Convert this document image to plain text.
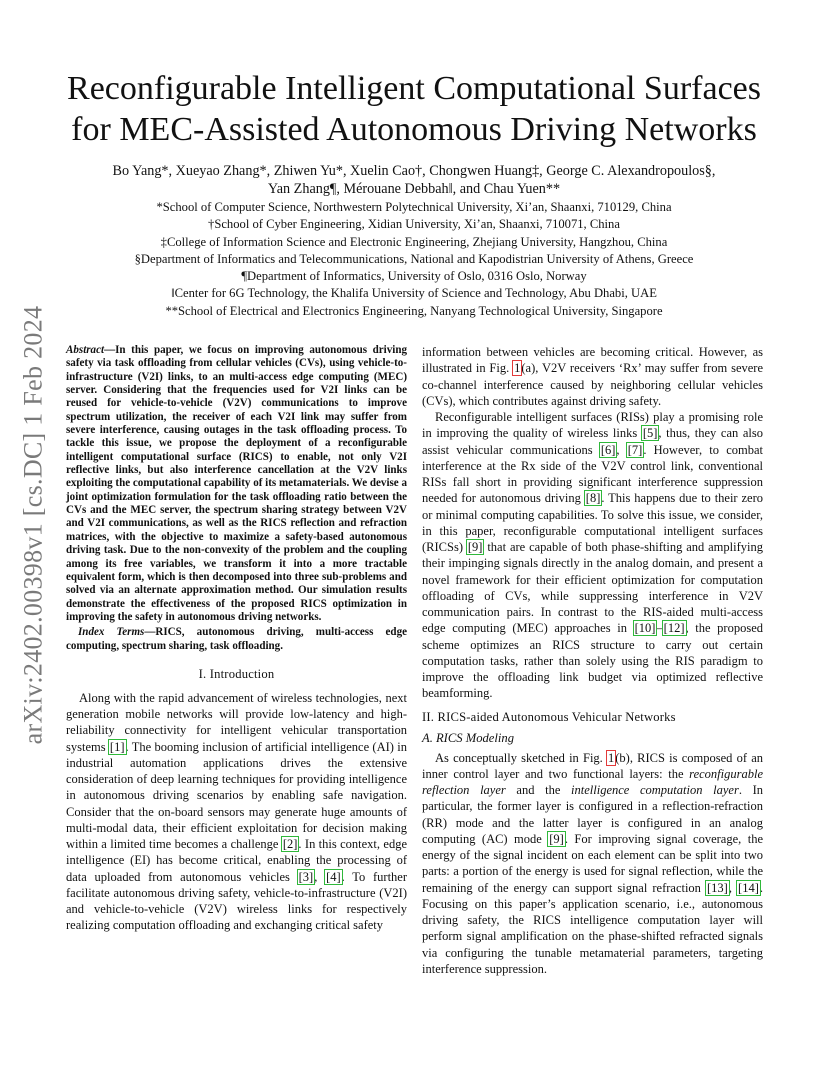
arXiv:2402.00398v1 [cs.DC] 1 Feb 2024
Reconfigurable Intelligent Computational Surfaces
for MEC-Assisted Autonomous Driving Networks
Bo Yang*, Xueyao Zhang*, Zhiwen Yu*, Xuelin Cao†, Chongwen Huang‡, George C. Alexandropoulos§,
Yan Zhang¶, Mérouane Debbah‖, and Chau Yuen**
*School of Computer Science, Northwestern Polytechnical University, Xi’an, Shaanxi, 710129, China
†School of Cyber Engineering, Xidian University, Xi’an, Shaanxi, 710071, China
‡College of Information Science and Electronic Engineering, Zhejiang University, Hangzhou, China
§Department of Informatics and Telecommunications, National and Kapodistrian University of Athens, Greece
¶Department of Informatics, University of Oslo, 0316 Oslo, Norway
‖Center for 6G Technology, the Khalifa University of Science and Technology, Abu Dhabi, UAE
**School of Electrical and Electronics Engineering, Nanyang Technological University, Singapore

Abstract—In this paper, we focus on improving autonomous driving safety via task offloading from cellular vehicles (CVs), using vehicle-to-infrastructure (V2I) links, to an multi-access edge computing (MEC) server. Considering that the frequencies used for V2I links can be reused for vehicle-to-vehicle (V2V) communications to improve spectrum utilization, the receiver of each V2I link may suffer from severe interference, causing outages in the task offloading process. To tackle this issue, we propose the deployment of a reconfigurable intelligent computational surface (RICS) to enable, not only V2I reflective links, but also interference cancellation at the V2V links exploiting the computational capability of its metamaterials. We devise a joint optimization formulation for the task offloading ratio between the CVs and the MEC server, the spectrum sharing strategy between V2V and V2I communications, as well as the RICS reflection and refraction matrices, with the objective to maximize a safety-based autonomous driving task. Due to the non-convexity of the problem and the coupling among its free variables, we transform it into a more tractable equivalent form, which is then decomposed into three sub-problems and solved via an alternate approximation method. Our simulation results demonstrate the effectiveness of the proposed RICS optimization in improving the safety in autonomous driving networks.

Index Terms—RICS, autonomous driving, multi-access edge computing, spectrum sharing, task offloading.

I. Introduction

Along with the rapid advancement of wireless technologies, next generation mobile networks will provide low-latency and high-reliability connectivity for intelligent vehicular transportation systems [1]. The booming inclusion of artificial intelligence (AI) in industrial automation applications drives the extensive consideration of deep learning techniques for providing intelligence in autonomous driving scenarios by enabling safe navigation. Consider that the on-board sensors may generate huge amounts of multi-modal data, their efficient exploitation for decision making within a limited time becomes a challenge [2]. In this context, edge intelligence (EI) has become critical, enabling the processing of data uploaded from autonomous vehicles [3], [4]. To further facilitate autonomous driving safety, vehicle-to-infrastructure (V2I) and vehicle-to-vehicle (V2V) wireless links for respectively realizing computation offloading and exchanging critical safety

information between vehicles are becoming critical. However, as illustrated in Fig. 1(a), V2V receivers ‘Rx’ may suffer from severe co-channel interference caused by neighboring cellular vehicles (CVs), which contributes against driving safety.

Reconfigurable intelligent surfaces (RISs) play a promising role in improving the quality of wireless links [5], thus, they can also assist vehicular communications [6], [7]. However, to combat interference at the Rx side of the V2V control link, conventional RISs fall short in providing significant interference suppression needed for autonomous driving [8]. This happens due to their zero or minimal computing capabilities. To solve this issue, we consider, in this paper, reconfigurable computational intelligent surfaces (RICSs) [9] that are capable of both phase-shifting and amplifying their impinging signals directly in the analog domain, and present a novel framework for their efficient optimization for computation offloading of CVs, while suppressing interference in V2V communication pairs. In contrast to the RIS-aided multi-access edge computing (MEC) approaches in [10]–[12], the proposed scheme optimizes an RICS structure to carry out certain computation tasks, rather than solely using the RIS paradigm to improve the offloading link budget via optimized reflective beamforming.

II. RICS-aided Autonomous Vehicular Networks
A. RICS Modeling

As conceptually sketched in Fig. 1(b), RICS is composed of an inner control layer and two functional layers: the reconfigurable reflection layer and the intelligence computation layer. In particular, the former layer is configured in a reflection-refraction (RR) mode and the latter layer is configured in an analog computing (AC) mode [9]. For improving signal coverage, the energy of the signal incident on each element can be split into two parts: a portion of the energy is used for signal reflection, while the remaining of the energy can support signal refraction [13], [14]. Focusing on this paper’s application scenario, i.e., autonomous driving safety, the RICS intelligence computation layer will perform signal amplification on the phase-shifted refracted signals via configuring the tunable metamaterial parameters, targeting interference suppression.
